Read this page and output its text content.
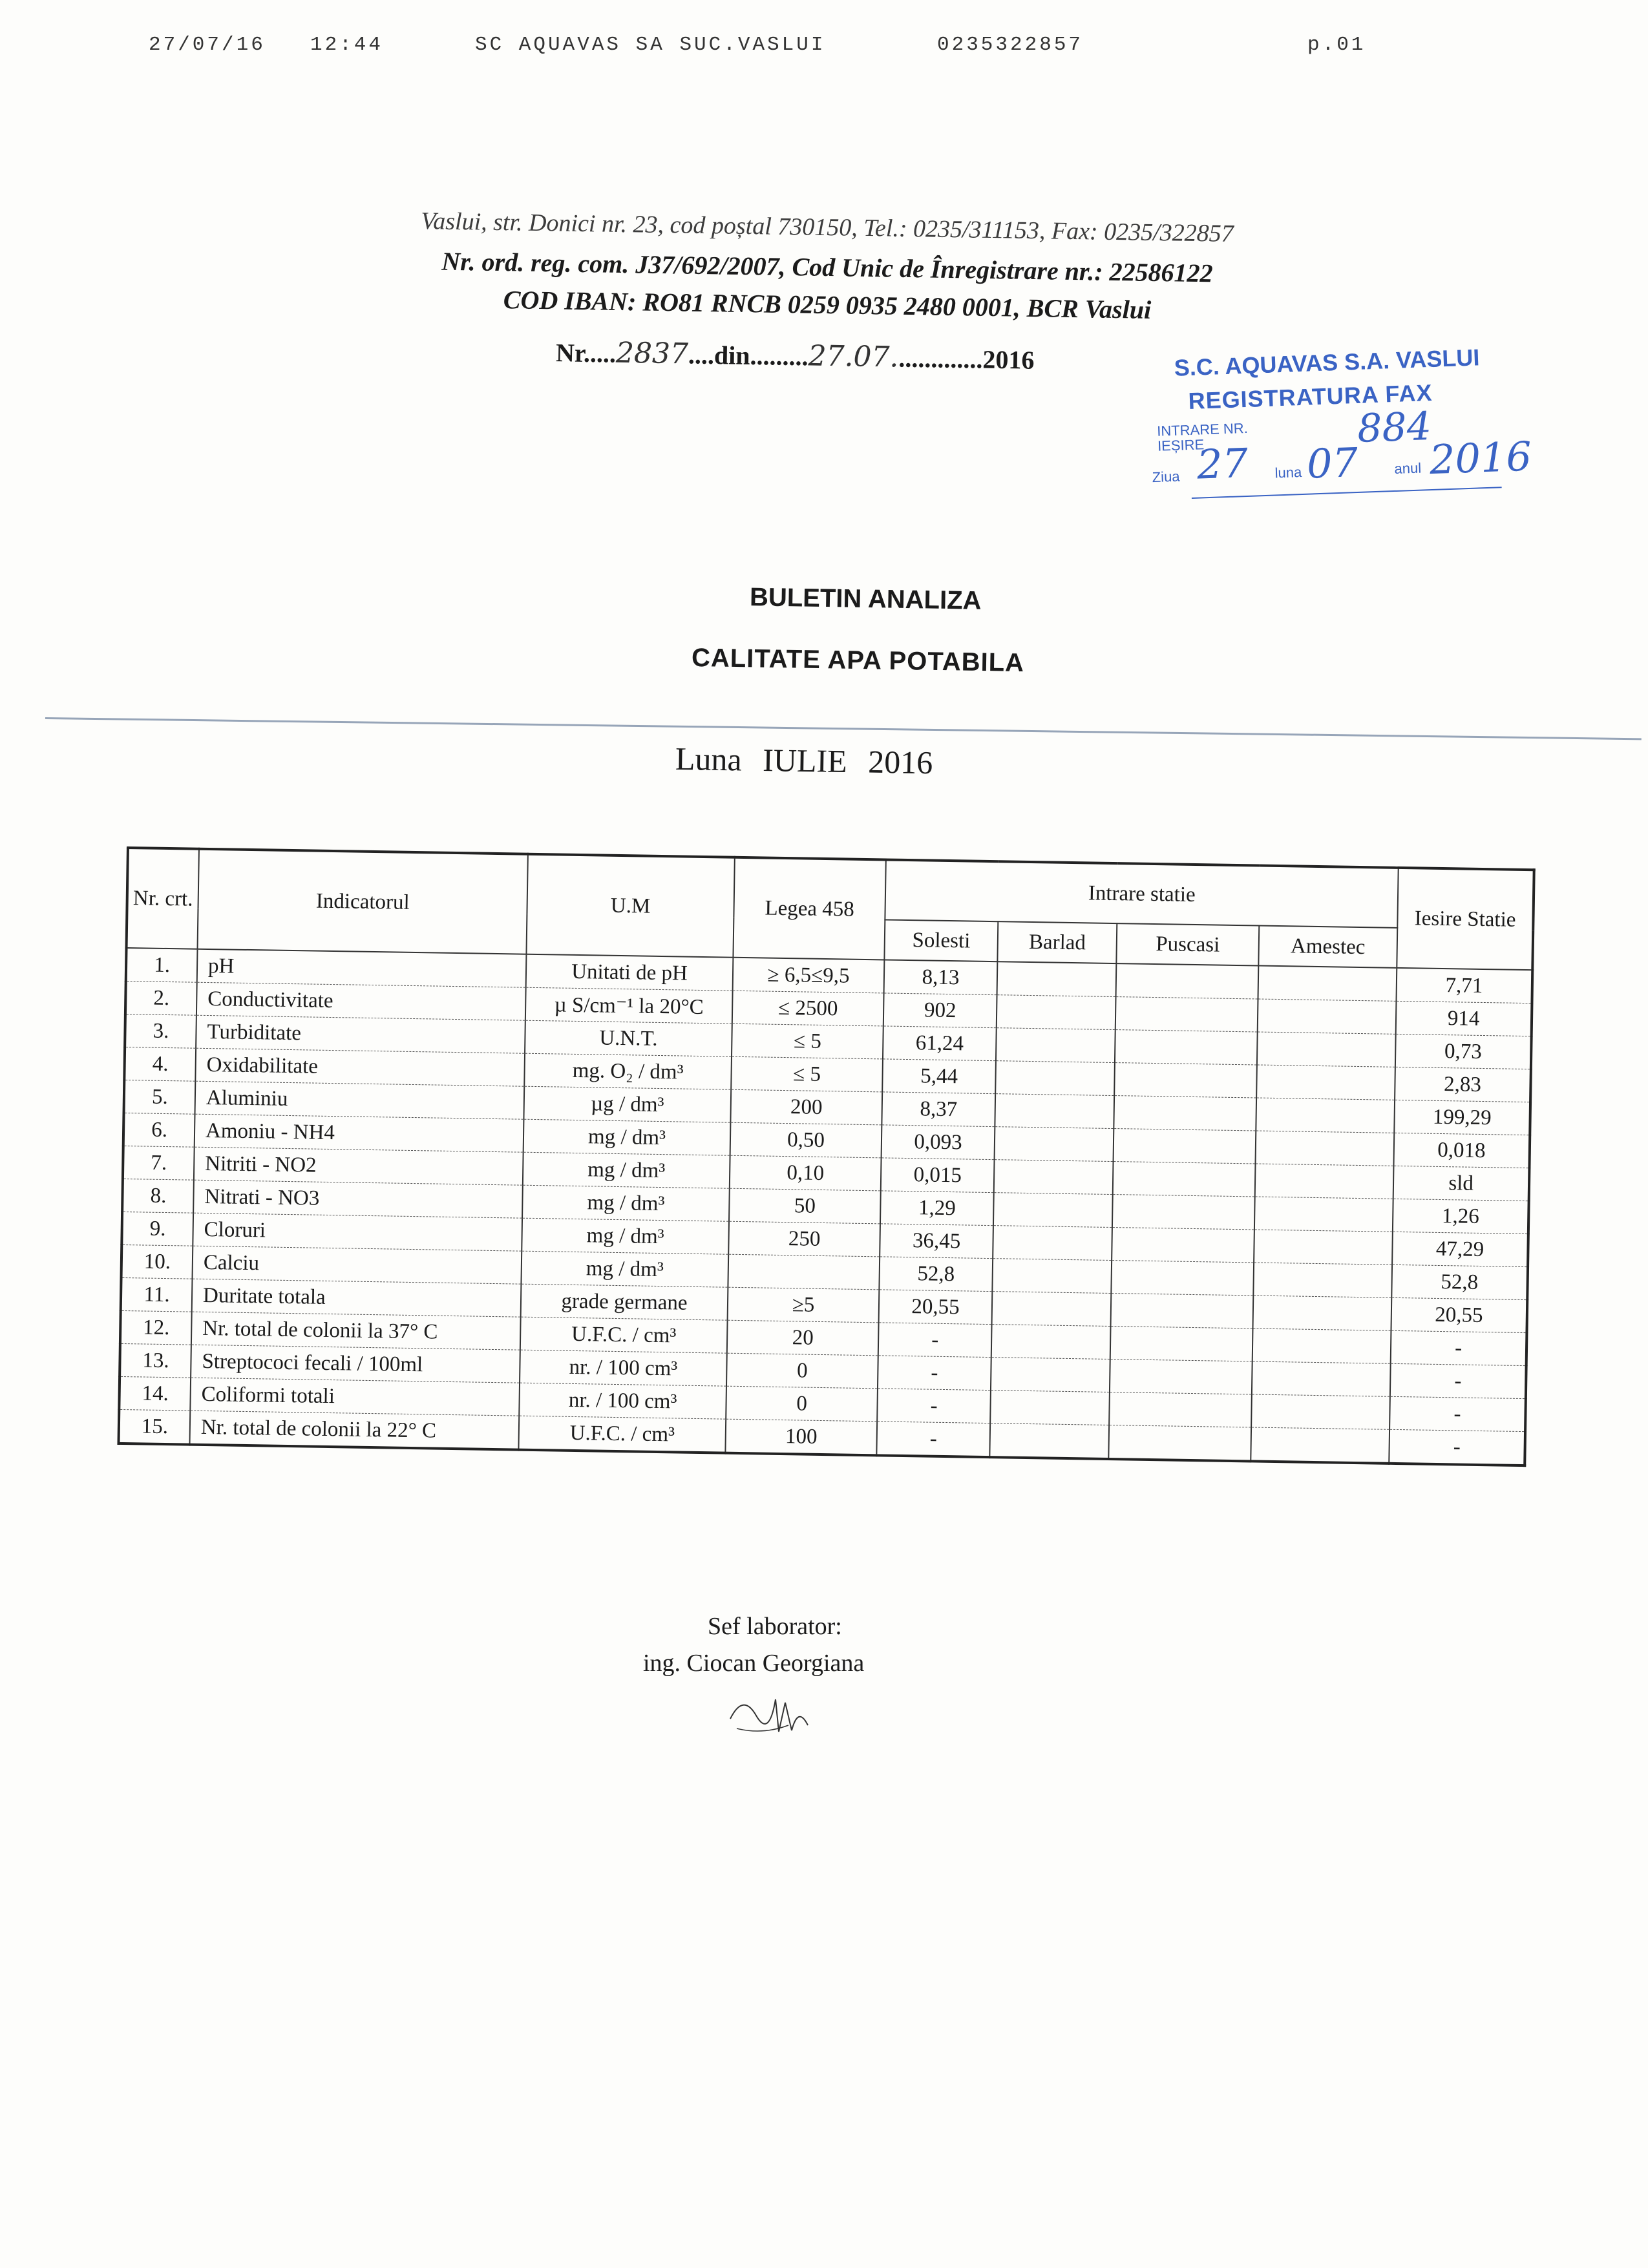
27/07/16 12:44	SC AQUAVAS SA SUC.VASLUI	0235322857	p.01
Vaslui, str. Donici nr. 23, cod poștal 730150, Tel.: 0235/311153, Fax: 0235/322857
Nr. ord. reg. com. J37/692/2007, Cod Unic de Înregistrare nr.: 22586122
COD IBAN: RO81 RNCB 0259 0935 2480 0001, BCR Vaslui
Nr.....2837....din.........27.07..............2016	S.C. AQUAVAS S.A. VASLUI
REGISTRATURA FAX
INTRARE NR.
IEȘIRE	884
Ziua 27 luna 07 anul 2016
BULETIN ANALIZA
CALITATE APA POTABILA
Luna IULIE 2016
Nr. crt.	Indicatorul	U.M	Legea 458	Intrare statie				Iesire Statie
				Solesti	Barlad	Puscasi	Amestec	
1.	pH	Unitati de pH	≥ 6,5≤9,5	8,13				7,71
2.	Conductivitate	µ S/cm⁻¹ la 20°C	≤ 2500	902				914
3.	Turbiditate	U.N.T.	≤ 5	61,24				0,73
4.	Oxidabilitate	mg. O₂ / dm³	≤ 5	5,44				2,83
5.	Aluminiu	µg / dm³	200	8,37				199,29
6.	Amoniu - NH4	mg / dm³	0,50	0,093				0,018
7.	Nitriti - NO2	mg / dm³	0,10	0,015				sld
8.	Nitrati - NO3	mg / dm³	50	1,29				1,26
9.	Cloruri	mg / dm³	250	36,45				47,29
10.	Calciu	mg / dm³		52,8				52,8
11.	Duritate totala	grade germane	≥5	20,55				20,55
12.	Nr. total de colonii la 37° C	U.F.C. / cm³	20	-				-
13.	Streptococi fecali / 100ml	nr. / 100 cm³	0	-				-
14.	Coliformi totali	nr. / 100 cm³	0	-				-
15.	Nr. total de colonii la 22° C	U.F.C. / cm³	100	-				-
Sef laborator:
ing. Ciocan Georgiana
